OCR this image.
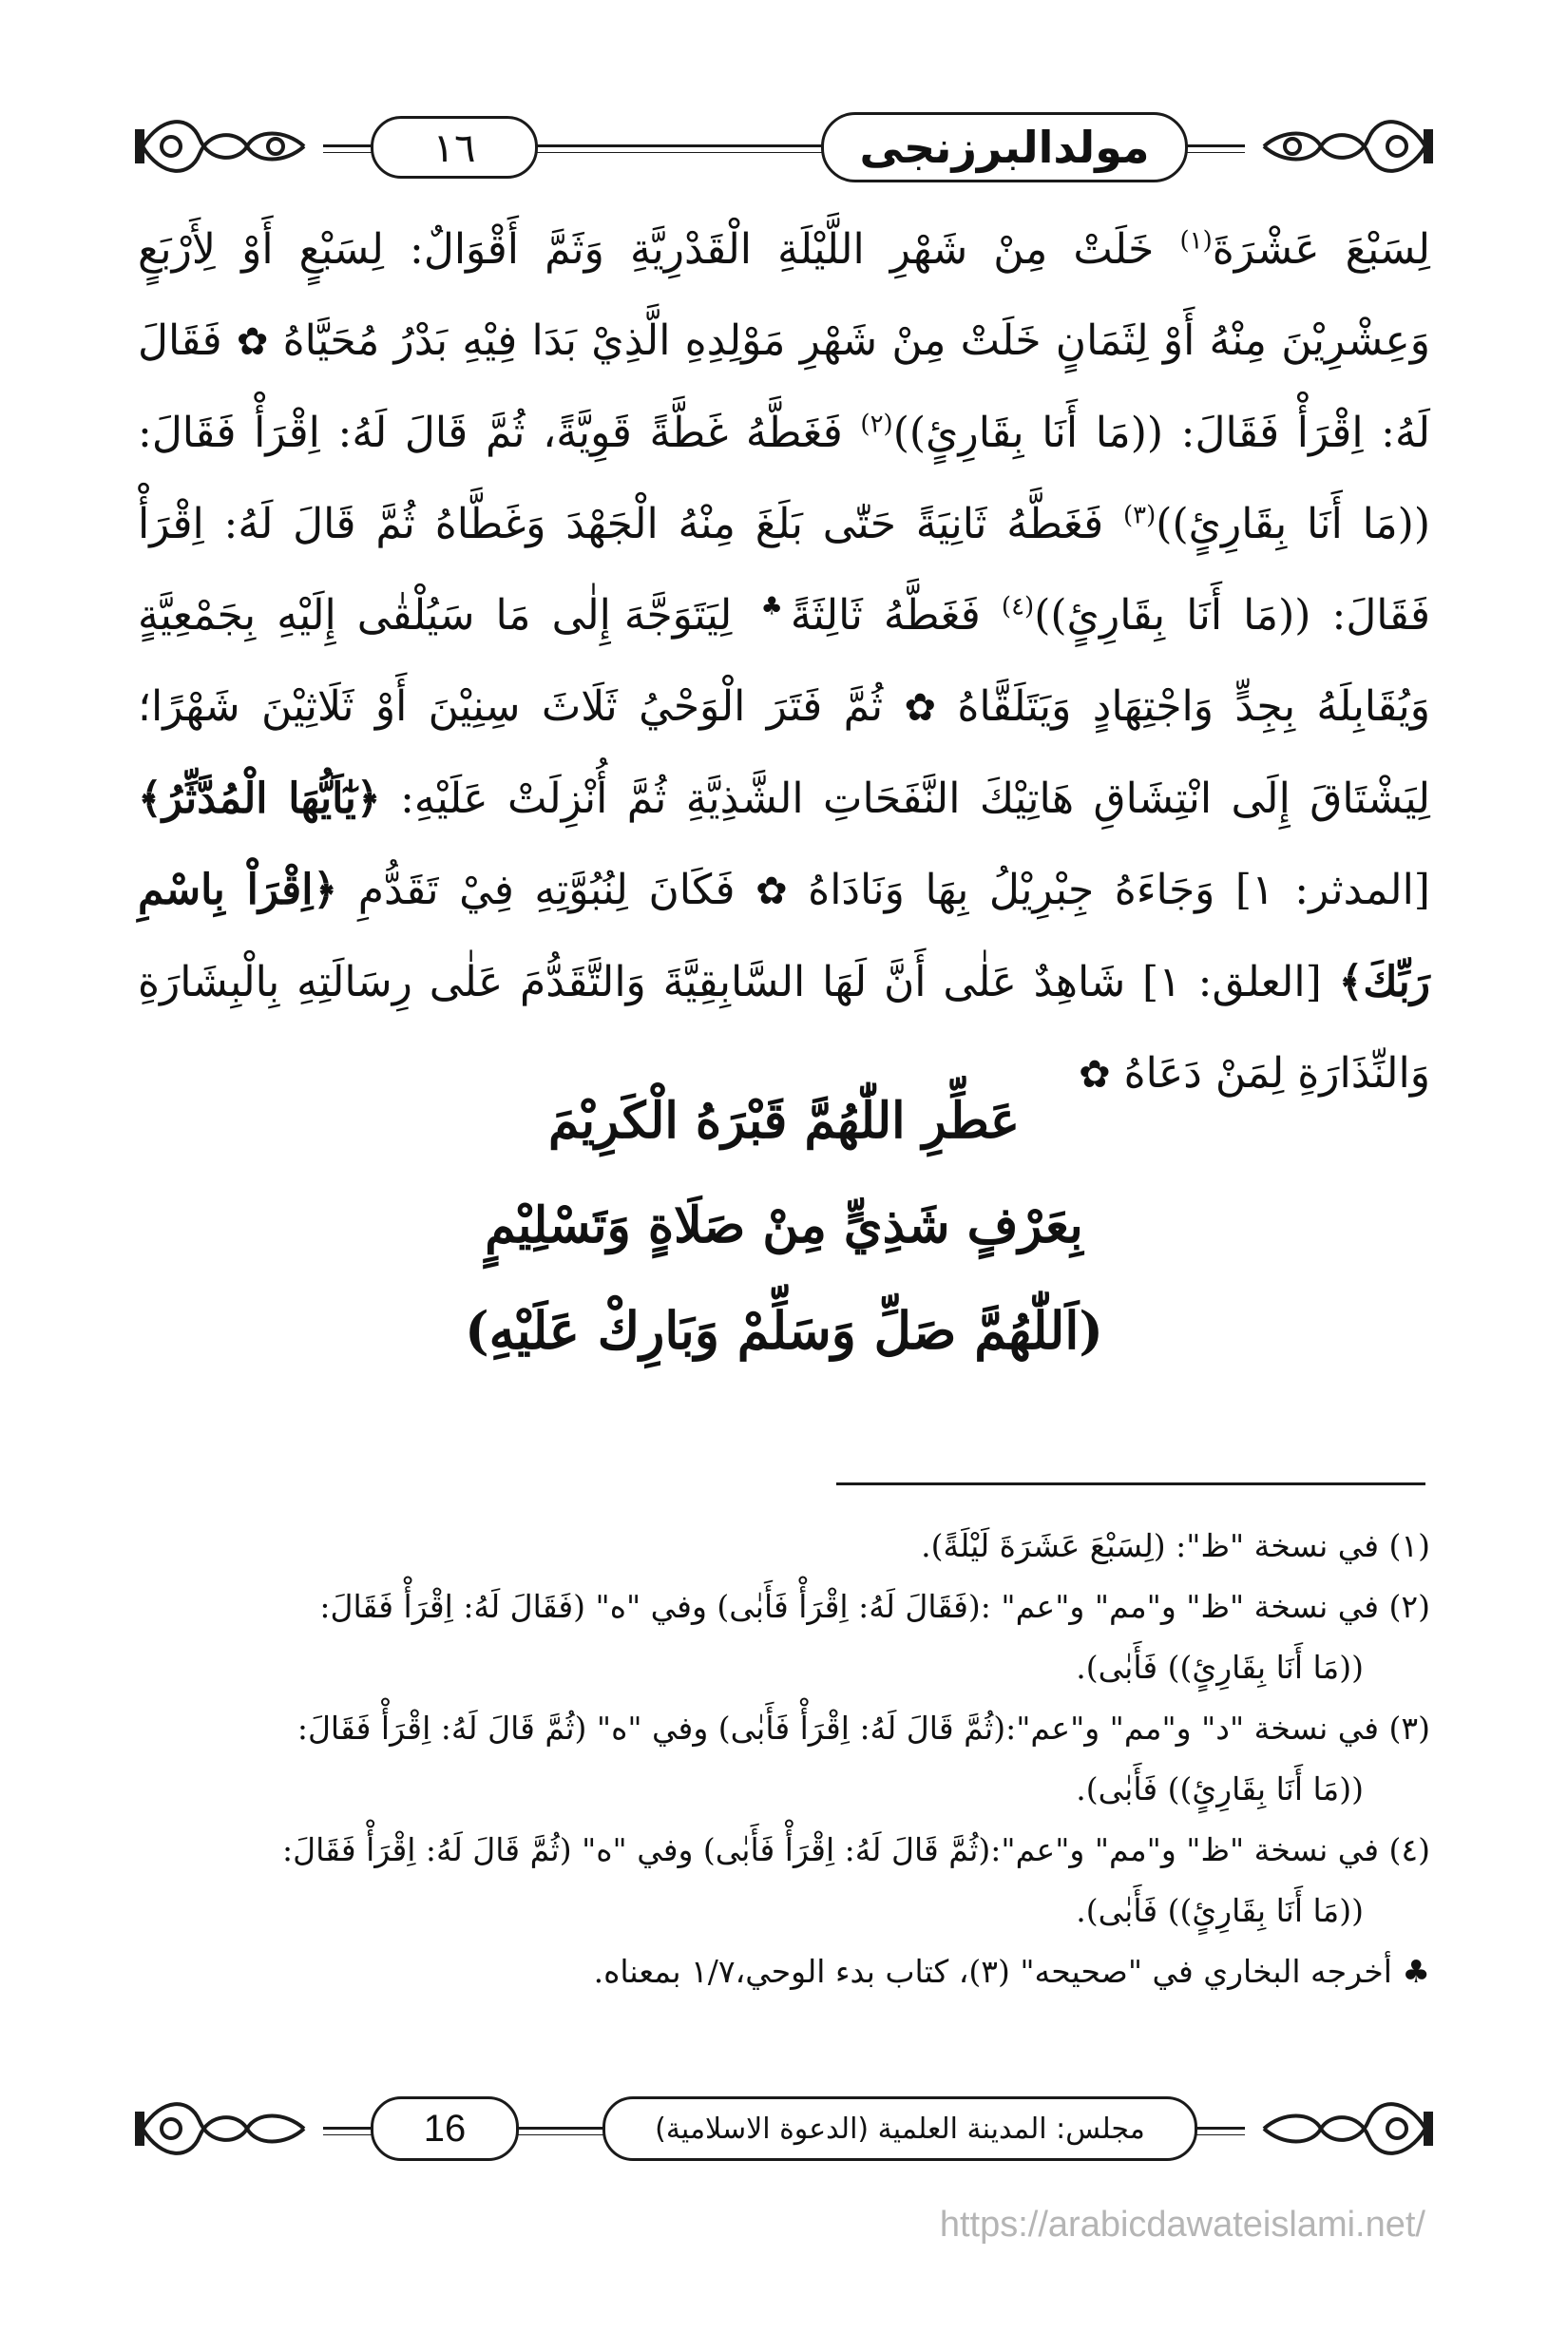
مولدالبرزنجى
١٦

لِسَبْعَ عَشْرَةَ$^{(١)}$ خَلَتْ مِنْ شَهْرِ اللَّيْلَةِ الْقَدْرِيَّةِ وَثَمَّ أَقْوَالٌ: لِسَبْعٍ أَوْ لِأَرْبَعٍ وَعِشْرِيْنَ مِنْهُ أَوْ لِثَمَانٍ خَلَتْ مِنْ شَهْرِ مَوْلِدِهِ الَّذِيْ بَدَا فِيْهِ بَدْرُ مُحَيَّاهُ ✿ فَقَالَ لَهُ: اِقْرَأْ فَقَالَ: ((مَا أَنَا بِقَارِئٍ))$^{(٢)}$ فَغَطَّهُ غَطَّةً قَوِيَّةً، ثُمَّ قَالَ لَهُ: اِقْرَأْ فَقَالَ: ((مَا أَنَا بِقَارِئٍ))$^{(٣)}$ فَغَطَّهُ ثَانِيَةً حَتّٰى بَلَغَ مِنْهُ الْجَهْدَ وَغَطَّاهُ ثُمَّ قَالَ لَهُ: اِقْرَأْ فَقَالَ: ((مَا أَنَا بِقَارِئٍ))$^{(٤)}$ فَغَطَّهُ ثَالِثَةً♣ لِيَتَوَجَّهَ إِلٰى مَا سَيُلْقٰى إِلَيْهِ بِجَمْعِيَّةٍ وَيُقَابِلَهُ بِجِدٍّ وَاجْتِهَادٍ وَيَتَلَقَّاهُ ✿ ثُمَّ فَتَرَ الْوَحْيُ ثَلَاثَ سِنِيْنَ أَوْ ثَلَاثِيْنَ شَهْرًا؛ لِيَشْتَاقَ إِلَى انْتِشَاقِ هَاتِيْكَ النَّفَحَاتِ الشَّذِيَّةِ ثُمَّ أُنْزِلَتْ عَلَيْهِ: ﴿يٰٓاَيُّهَا الْمُدَّثِّرُ﴾ [المدثر: ١] وَجَاءَهُ جِبْرِيْلُ بِهَا وَنَادَاهُ ✿ فَكَانَ لِنُبُوَّتِهِ فِيْ تَقَدُّمِ ﴿اِقْرَاْ بِاسْمِ رَبِّكَ﴾ [العلق: ١] شَاهِدٌ عَلٰى أَنَّ لَهَا السَّابِقِيَّةَ وَالتَّقَدُّمَ عَلٰى رِسَالَتِهِ بِالْبِشَارَةِ وَالنِّذَارَةِ لِمَنْ دَعَاهُ ✿

عَطِّرِ اللّٰهُمَّ قَبْرَهُ الْكَرِيْمَ
بِعَرْفٍ شَذِيٍّ مِنْ صَلَاةٍ وَتَسْلِيْمٍ
(اَللّٰهُمَّ صَلِّ وَسَلِّمْ وَبَارِكْ عَلَيْهِ)

(١) في نسخة "ظ": (لِسَبْعَ عَشَرَةَ لَيْلَةً).

(٢) في نسخة "ظ" و"مم" و"عم" :(فَقَالَ لَهُ: اِقْرَأْ فَأَبٰى) وفي "ه" (فَقَالَ لَهُ: اِقْرَأْ فَقَالَ:
((مَا أَنَا بِقَارِئٍ)) فَأَبٰى).

(٣) في نسخة "د" و"مم" و"عم":(ثُمَّ قَالَ لَهُ: اِقْرَأْ فَأَبٰى) وفي "ه" (ثُمَّ قَالَ لَهُ: اِقْرَأْ فَقَالَ:
((مَا أَنَا بِقَارِئٍ)) فَأَبٰى).

(٤) في نسخة "ظ" و"مم" و"عم":(ثُمَّ قَالَ لَهُ: اِقْرَأْ فَأَبٰى) وفي "ه" (ثُمَّ قَالَ لَهُ: اِقْرَأْ فَقَالَ:
((مَا أَنَا بِقَارِئٍ)) فَأَبٰى).

♣ أخرجه البخاري في "صحيحه" (٣)، كتاب بدء الوحي،١/٧ بمعناه.

مجلس: المدينة العلمية (الدعوة الاسلامية)
16
https://arabicdawateislami.net/
